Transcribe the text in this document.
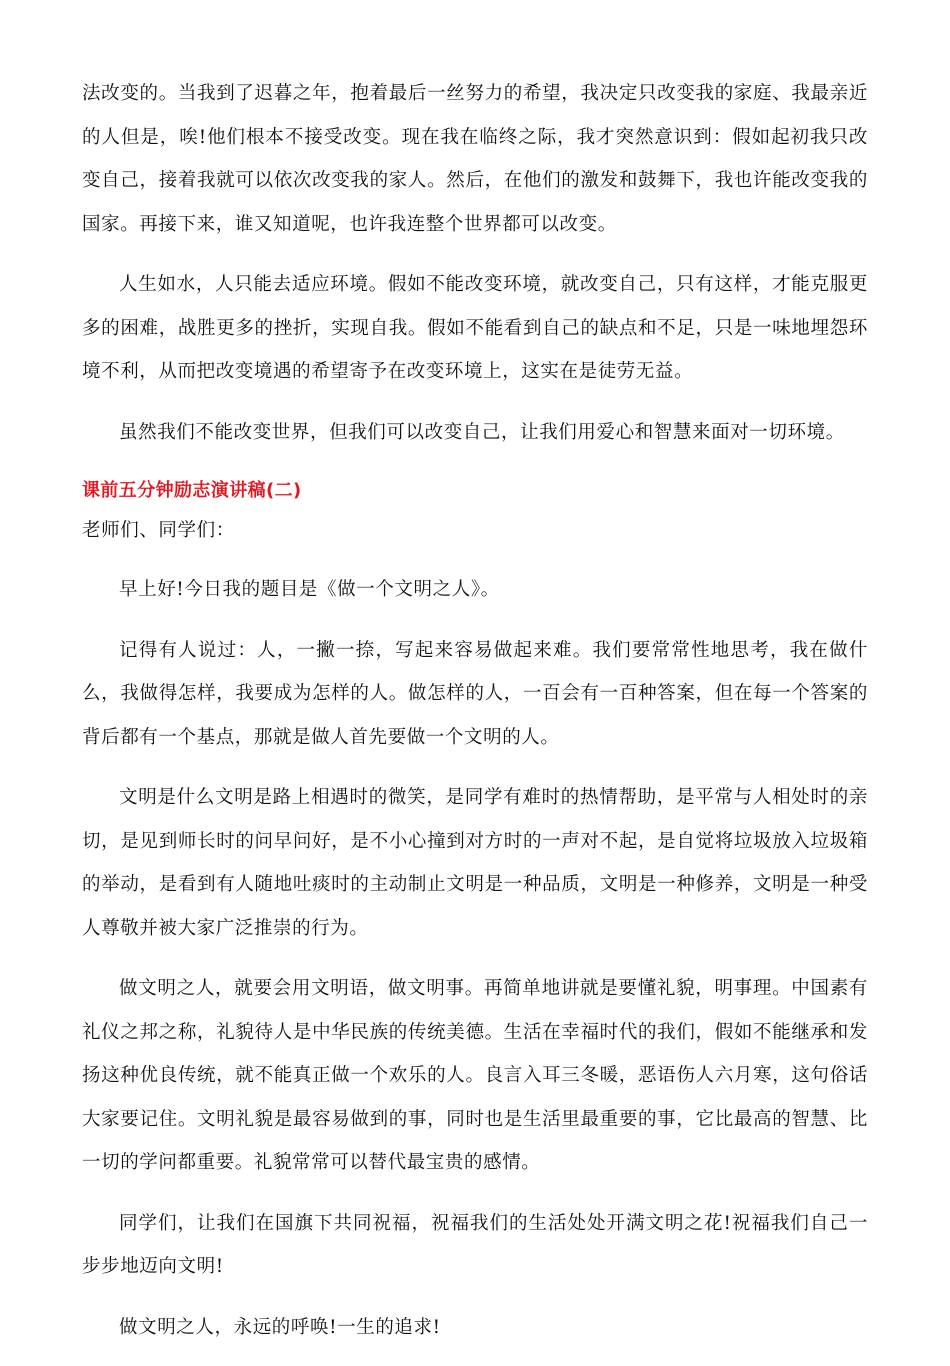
法改变的。当我到了迟暮之年，抱着最后一丝努力的希望，我决定只改变我的家庭、我最亲近的人但是，唉!他们根本不接受改变。现在我在临终之际，我才突然意识到：假如起初我只改变自己，接着我就可以依次改变我的家人。然后，在他们的激发和鼓舞下，我也许能改变我的国家。再接下来，谁又知道呢，也许我连整个世界都可以改变。

人生如水，人只能去适应环境。假如不能改变环境，就改变自己，只有这样，才能克服更多的困难，战胜更多的挫折，实现自我。假如不能看到自己的缺点和不足，只是一味地埋怨环境不利，从而把改变境遇的希望寄予在改变环境上，这实在是徒劳无益。

虽然我们不能改变世界，但我们可以改变自己，让我们用爱心和智慧来面对一切环境。

课前五分钟励志演讲稿(二)

老师们、同学们：

早上好!今日我的题目是《做一个文明之人》。

记得有人说过：人，一撇一捺，写起来容易做起来难。我们要常常性地思考，我在做什么，我做得怎样，我要成为怎样的人。做怎样的人，一百会有一百种答案，但在每一个答案的背后都有一个基点，那就是做人首先要做一个文明的人。

文明是什么文明是路上相遇时的微笑，是同学有难时的热情帮助，是平常与人相处时的亲切，是见到师长时的问早问好，是不小心撞到对方时的一声对不起，是自觉将垃圾放入垃圾箱的举动，是看到有人随地吐痰时的主动制止文明是一种品质，文明是一种修养，文明是一种受人尊敬并被大家广泛推崇的行为。

做文明之人，就要会用文明语，做文明事。再简单地讲就是要懂礼貌，明事理。中国素有礼仪之邦之称，礼貌待人是中华民族的传统美德。生活在幸福时代的我们，假如不能继承和发扬这种优良传统，就不能真正做一个欢乐的人。良言入耳三冬暖，恶语伤人六月寒，这句俗话大家要记住。文明礼貌是最容易做到的事，同时也是生活里最重要的事，它比最高的智慧、比一切的学问都重要。礼貌常常可以替代最宝贵的感情。

同学们，让我们在国旗下共同祝福，祝福我们的生活处处开满文明之花!祝福我们自己一步步地迈向文明!

做文明之人，永远的呼唤!一生的追求!
